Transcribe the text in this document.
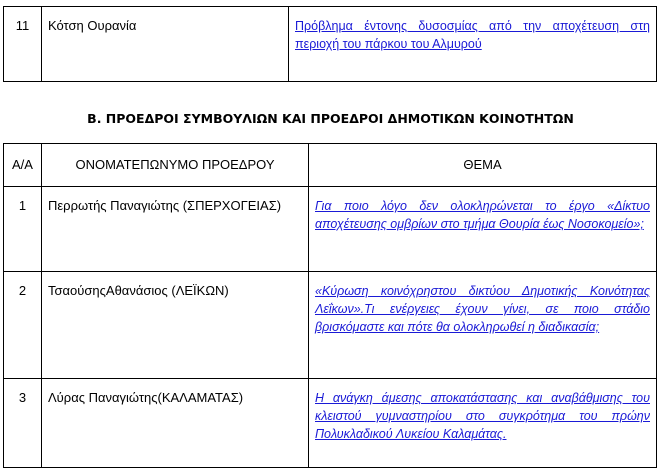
11	Κότση Ουρανία	Πρόβλημα έντονης δυσοσμίας από την αποχέτευση στη περιοχή του πάρκου του Αλμυρού
Β. ΠΡΟΕΔΡΟΙ ΣΥΜΒΟΥΛΙΩΝ ΚΑΙ ΠΡΟΕΔΡΟΙ ΔΗΜΟΤΙΚΩΝ ΚΟΙΝΟΤΗΤΩΝ
Α/Α	ΟΝΟΜΑΤΕΠΩΝΥΜΟ ΠΡΟΕΔΡΟΥ	ΘΕΜΑ
1	Περρωτής Παναγιώτης (ΣΠΕΡΧΟΓΕΙΑΣ)	Για ποιο λόγο δεν ολοκληρώνεται το έργο «Δίκτυο αποχέτευσης ομβρίων στο τμήμα Θουρία έως Νοσοκομείο»;
2	ΤσαούσηςΑθανάσιος (ΛΕΪΚΩΝ)	«Κύρωση κοινόχρηστου δικτύου Δημοτικής Κοινότητας Λεΐκων».Τι ενέργειες έχουν γίνει, σε ποιο στάδιο βρισκόμαστε και πότε θα ολοκληρωθεί η διαδικασία;
3	Λύρας Παναγιώτης(ΚΑΛΑΜΑΤΑΣ)	Η ανάγκη άμεσης αποκατάστασης και αναβάθμισης του κλειστού γυμναστηρίου στο συγκρότημα του πρώην Πολυκλαδικού Λυκείου Καλαμάτας.
